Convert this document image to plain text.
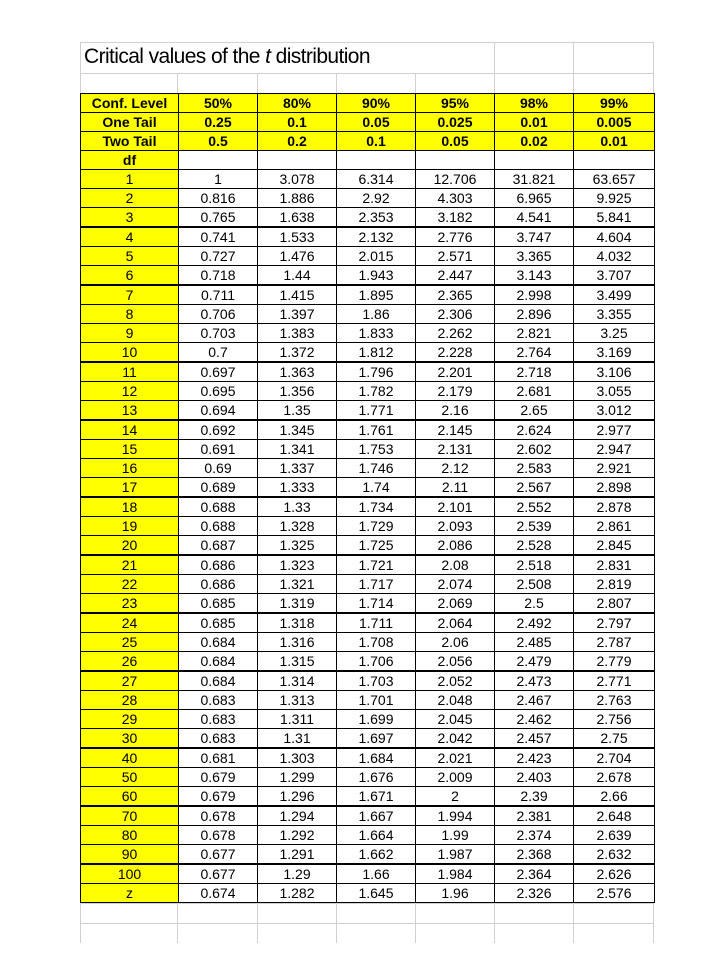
Critical values of the t distribution
Conf. Level	50%	80%	90%	95%	98%	99%
One Tail	0.25	0.1	0.05	0.025	0.01	0.005
Two Tail	0.5	0.2	0.1	0.05	0.02	0.01
df						
1	1	3.078	6.314	12.706	31.821	63.657
2	0.816	1.886	2.92	4.303	6.965	9.925
3	0.765	1.638	2.353	3.182	4.541	5.841
4	0.741	1.533	2.132	2.776	3.747	4.604
5	0.727	1.476	2.015	2.571	3.365	4.032
6	0.718	1.44	1.943	2.447	3.143	3.707
7	0.711	1.415	1.895	2.365	2.998	3.499
8	0.706	1.397	1.86	2.306	2.896	3.355
9	0.703	1.383	1.833	2.262	2.821	3.25
10	0.7	1.372	1.812	2.228	2.764	3.169
11	0.697	1.363	1.796	2.201	2.718	3.106
12	0.695	1.356	1.782	2.179	2.681	3.055
13	0.694	1.35	1.771	2.16	2.65	3.012
14	0.692	1.345	1.761	2.145	2.624	2.977
15	0.691	1.341	1.753	2.131	2.602	2.947
16	0.69	1.337	1.746	2.12	2.583	2.921
17	0.689	1.333	1.74	2.11	2.567	2.898
18	0.688	1.33	1.734	2.101	2.552	2.878
19	0.688	1.328	1.729	2.093	2.539	2.861
20	0.687	1.325	1.725	2.086	2.528	2.845
21	0.686	1.323	1.721	2.08	2.518	2.831
22	0.686	1.321	1.717	2.074	2.508	2.819
23	0.685	1.319	1.714	2.069	2.5	2.807
24	0.685	1.318	1.711	2.064	2.492	2.797
25	0.684	1.316	1.708	2.06	2.485	2.787
26	0.684	1.315	1.706	2.056	2.479	2.779
27	0.684	1.314	1.703	2.052	2.473	2.771
28	0.683	1.313	1.701	2.048	2.467	2.763
29	0.683	1.311	1.699	2.045	2.462	2.756
30	0.683	1.31	1.697	2.042	2.457	2.75
40	0.681	1.303	1.684	2.021	2.423	2.704
50	0.679	1.299	1.676	2.009	2.403	2.678
60	0.679	1.296	1.671	2	2.39	2.66
70	0.678	1.294	1.667	1.994	2.381	2.648
80	0.678	1.292	1.664	1.99	2.374	2.639
90	0.677	1.291	1.662	1.987	2.368	2.632
100	0.677	1.29	1.66	1.984	2.364	2.626
z	0.674	1.282	1.645	1.96	2.326	2.576
